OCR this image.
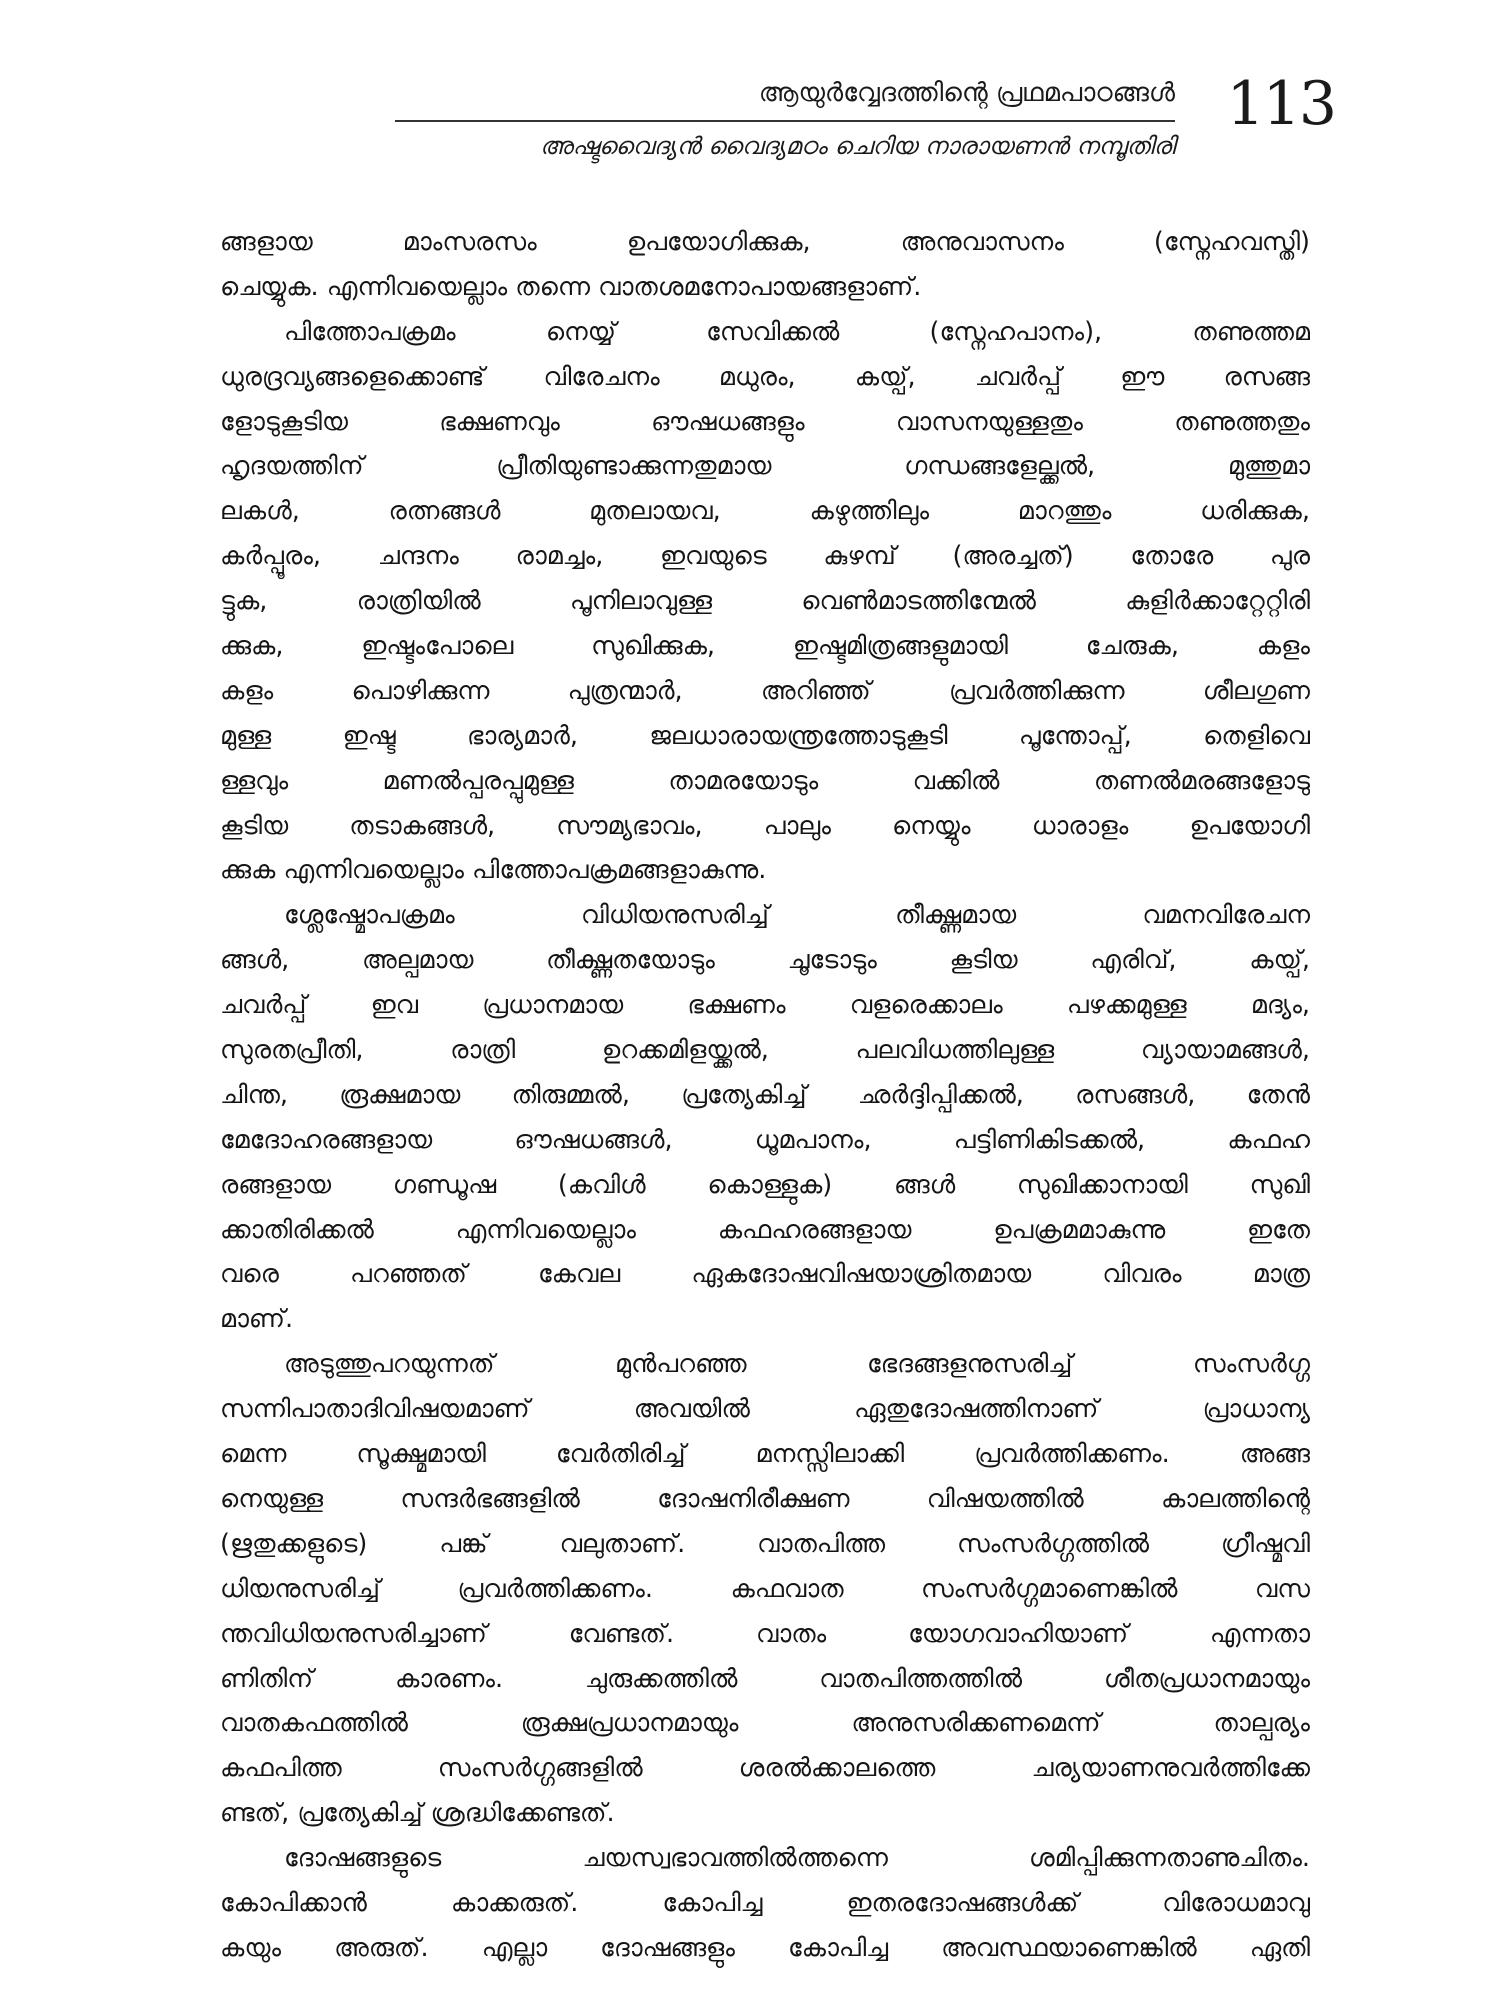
ആയുർവ്വേദത്തിന്റെ പ്രഥമപാഠങ്ങൾ
അഷ്ടവൈദ്യൻ വൈദ്യമഠം ചെറിയ നാരായണൻ നമ്പൂതിരി
113
ങ്ങളായ മാംസരസം ഉപയോഗിക്കുക, അനുവാസനം (സ്നേഹവസ്തി)
ചെയ്യുക. എന്നിവയെല്ലാം തന്നെ വാതശമനോപായങ്ങളാണ്.
പിത്തോപക്രമം നെയ്യ് സേവിക്കൽ (സ്നേഹപാനം), തണുത്തമ
ധുരദ്രവ്യങ്ങളെക്കൊണ്ട് വിരേചനം മധുരം, കയ്പ്, ചവർപ്പ് ഈ രസങ്ങ
ളോടുകൂടിയ ഭക്ഷണവും ഔഷധങ്ങളും വാസനയുള്ളതും തണുത്തതും
ഹൃദയത്തിന് പ്രീതിയുണ്ടാക്കുന്നതുമായ ഗന്ധങ്ങളേല്ക്കൽ, മുത്തുമാ
ലകൾ, രത്നങ്ങൾ മുതലായവ, കഴുത്തിലും മാറത്തും ധരിക്കുക,
കർപ്പൂരം, ചന്ദനം രാമച്ചം, ഇവയുടെ കുഴമ്പ് (അരച്ചത്) തോരേ പുര
ട്ടുക, രാത്രിയിൽ പൂനിലാവുള്ള വെൺമാടത്തിന്മേൽ കുളിർക്കാറ്റേറ്റിരി
ക്കുക, ഇഷ്ടംപോലെ സുഖിക്കുക, ഇഷ്ടമിത്രങ്ങളുമായി ചേരുക, കളം
കളം പൊഴിക്കുന്ന പുത്രന്മാർ, അറിഞ്ഞ് പ്രവർത്തിക്കുന്ന ശീലഗുണ
മുള്ള ഇഷ്ട ഭാര്യമാർ, ജലധാരായന്ത്രത്തോടുകൂടി പൂന്തോപ്പ്, തെളിവെ
ള്ളവും മണൽപ്പരപ്പുമുള്ള താമരയോടും വക്കിൽ തണൽമരങ്ങളോടു
കൂടിയ തടാകങ്ങൾ, സൗമ്യഭാവം, പാലും നെയ്യും ധാരാളം ഉപയോഗി
ക്കുക എന്നിവയെല്ലാം പിത്തോപക്രമങ്ങളാകുന്നു.
ശ്ലേഷ്മോപക്രമം വിധിയനുസരിച്ച് തീക്ഷ്ണമായ വമനവിരേചന
ങ്ങൾ, അല്പമായ തീക്ഷ്ണതയോടും ചൂടോടും കൂടിയ എരിവ്, കയ്പ്,
ചവർപ്പ് ഇവ പ്രധാനമായ ഭക്ഷണം വളരെക്കാലം പഴക്കമുള്ള മദ്യം,
സുരതപ്രീതി, രാത്രി ഉറക്കമിളയ്ക്കൽ, പലവിധത്തിലുള്ള വ്യായാമങ്ങൾ,
ചിന്ത, രൂക്ഷമായ തിരുമ്മൽ, പ്രത്യേകിച്ച് ഛർദ്ദിപ്പിക്കൽ, രസങ്ങൾ, തേൻ
മേദോഹരങ്ങളായ ഔഷധങ്ങൾ, ധൂമപാനം, പട്ടിണികിടക്കൽ, കഫഹ
രങ്ങളായ ഗണ്ഡൂഷ (കവിൾ കൊള്ളുക) ങ്ങൾ സുഖിക്കാനായി സുഖി
ക്കാതിരിക്കൽ എന്നിവയെല്ലാം കഫഹരങ്ങളായ ഉപക്രമമാകുന്നു ഇതേ
വരെ പറഞ്ഞത് കേവല ഏകദോഷവിഷയാശ്രിതമായ വിവരം മാത്ര
മാണ്.
അടുത്തുപറയുന്നത് മുൻപറഞ്ഞ ഭേദങ്ങളനുസരിച്ച് സംസർഗ്ഗ
സന്നിപാതാദിവിഷയമാണ് അവയിൽ ഏതുദോഷത്തിനാണ് പ്രാധാന്യ
മെന്ന സൂക്ഷ്മമായി വേർതിരിച്ച് മനസ്സിലാക്കി പ്രവർത്തിക്കണം. അങ്ങ
നെയുള്ള സന്ദർഭങ്ങളിൽ ദോഷനിരീക്ഷണ വിഷയത്തിൽ കാലത്തിന്റെ
(ഋതുക്കളുടെ) പങ്ക് വലുതാണ്. വാതപിത്ത സംസർഗ്ഗത്തിൽ ഗ്രീഷ്മവി
ധിയനുസരിച്ച് പ്രവർത്തിക്കണം. കഫവാത സംസർഗ്ഗമാണെങ്കിൽ വസ
ന്തവിധിയനുസരിച്ചാണ് വേണ്ടത്. വാതം യോഗവാഹിയാണ് എന്നതാ
ണിതിന് കാരണം. ചുരുക്കത്തിൽ വാതപിത്തത്തിൽ ശീതപ്രധാനമായും
വാതകഫത്തിൽ രൂക്ഷപ്രധാനമായും അനുസരിക്കണമെന്ന് താല്പര്യം
കഫപിത്ത സംസർഗ്ഗങ്ങളിൽ ശരൽക്കാലത്തെ ചര്യയാണനുവർത്തിക്കേ
ണ്ടത്, പ്രത്യേകിച്ച് ശ്രദ്ധിക്കേണ്ടത്.
ദോഷങ്ങളുടെ ചയസ്വഭാവത്തിൽത്തന്നെ ശമിപ്പിക്കുന്നതാണുചിതം.
കോപിക്കാൻ കാക്കരുത്. കോപിച്ച ഇതരദോഷങ്ങൾക്ക് വിരോധമാവു
കയും അരുത്. എല്ലാ ദോഷങ്ങളും കോപിച്ച അവസ്ഥയാണെങ്കിൽ ഏതി
